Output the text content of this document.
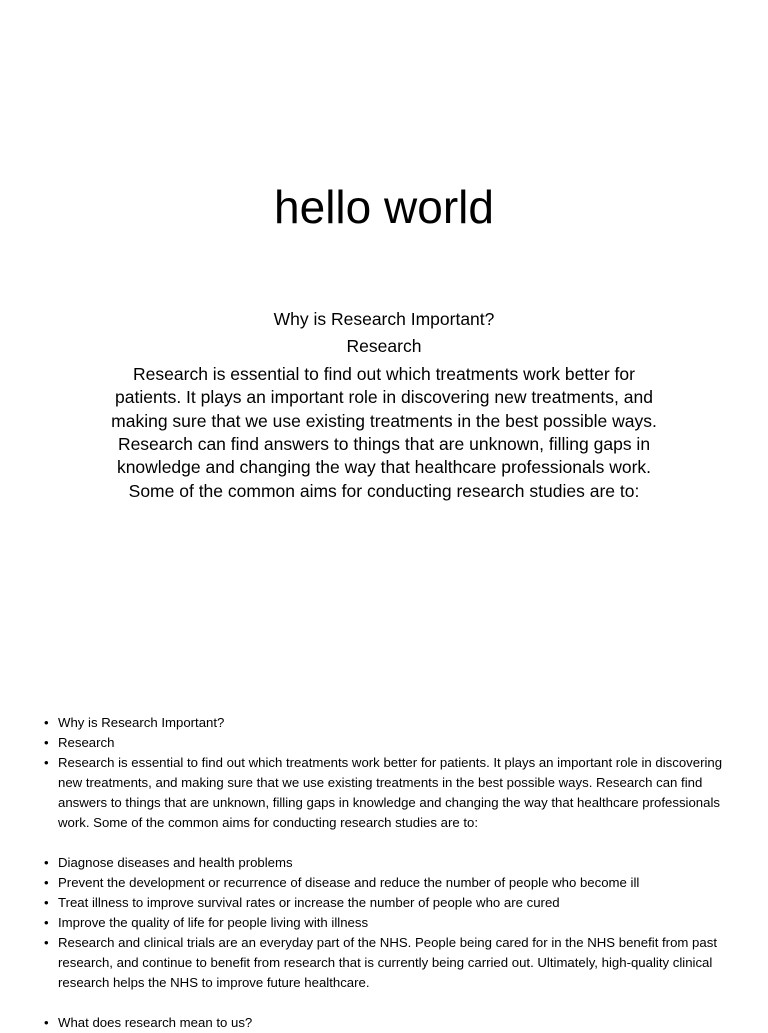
hello world

Why is Research Important?

Research

Research is essential to find out which treatments work better for patients. It plays an important role in discovering new treatments, and making sure that we use existing treatments in the best possible ways. Research can find answers to things that are unknown, filling gaps in knowledge and changing the way that healthcare professionals work. Some of the common aims for conducting research studies are to:

• Why is Research Important?
• Research
• Research is essential to find out which treatments work better for patients. It plays an important role in discovering new treatments, and making sure that we use existing treatments in the best possible ways. Research can find answers to things that are unknown, filling gaps in knowledge and changing the way that healthcare professionals work. Some of the common aims for conducting research studies are to:
• Diagnose diseases and health problems
• Prevent the development or recurrence of disease and reduce the number of people who become ill
• Treat illness to improve survival rates or increase the number of people who are cured
• Improve the quality of life for people living with illness
• Research and clinical trials are an everyday part of the NHS. People being cared for in the NHS benefit from past research, and continue to benefit from research that is currently being carried out. Ultimately, high-quality clinical research helps the NHS to improve future healthcare.
• What does research mean to us?
